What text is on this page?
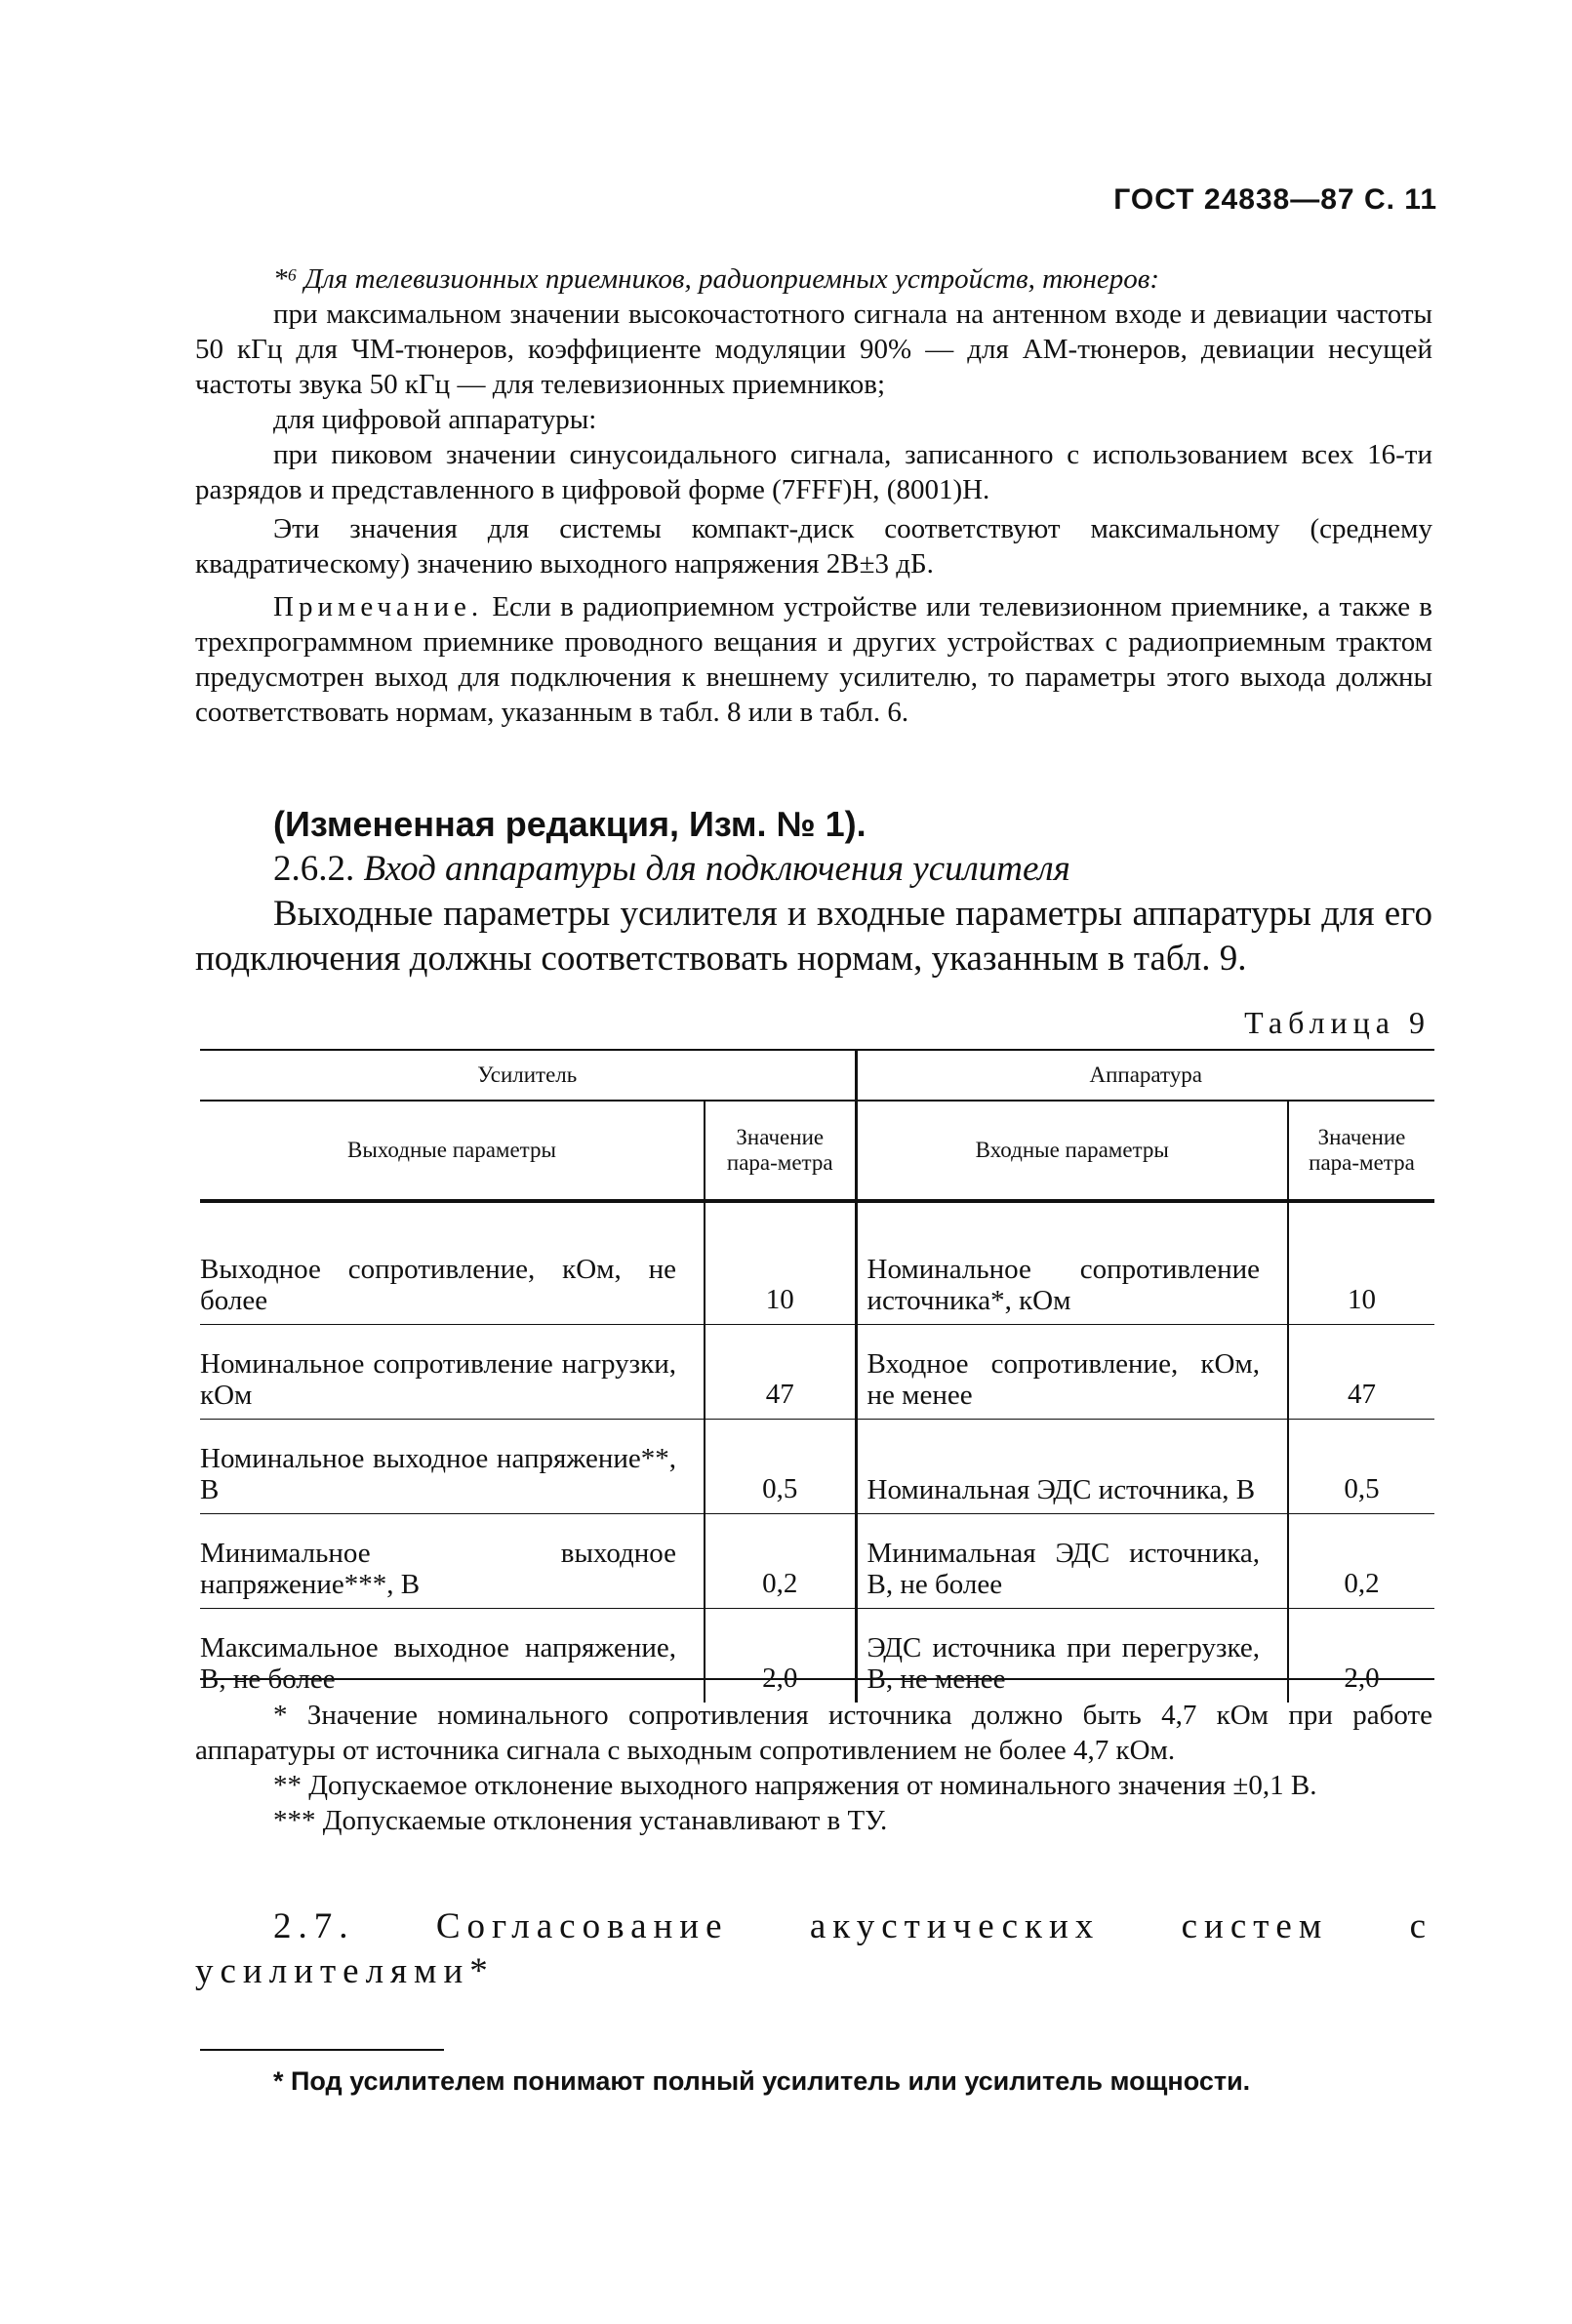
ГОСТ 24838—87 С. 11

*⁶ Для телевизионных приемников, радиоприемных устройств, тюнеров:

при максимальном значении высокочастотного сигнала на антенном входе и девиации частоты 50 кГц для ЧМ-тюнеров, коэффициенте модуляции 90% — для АМ-тюнеров, девиации несущей частоты звука 50 кГц — для телевизионных приемников;

для цифровой аппаратуры:

при пиковом значении синусоидального сигнала, записанного с использованием всех 16-ти разрядов и представленного в цифровой форме (7FFF)H, (8001)H.

Эти значения для системы компакт-диск соответствуют максимальному (среднему квадратическому) значению выходного напряжения 2B±3 дБ.

Примечание. Если в радиоприемном устройстве или телевизионном приемнике, а также в трехпрограммном приемнике проводного вещания и других устройствах с радиоприемным трактом предусмотрен выход для подключения к внешнему усилителю, то параметры этого выхода должны соответствовать нормам, указанным в табл. 8 или в табл. 6.

(Измененная редакция, Изм. № 1).

2.6.2. Вход аппаратуры для подключения усилителя

Выходные параметры усилителя и входные параметры аппаратуры для его подключения должны соответствовать нормам, указанным в табл. 9.

Таблица 9
Усилитель		Аппаратура	
Выходные параметры	Значение пара-метра	Входные параметры	Значение пара-метра

Выходное сопротивление, кОм, не более	10	Номинальное сопротивление источника*, кОм	10
Номинальное сопротивление нагрузки, кОм	47	Входное сопротивление, кОм, не менее	47
Номинальное выходное напряжение**, В	0,5	Номинальная ЭДС источника, В	0,5
Минимальное выходное напряжение***, В	0,2	Минимальная ЭДС источника, В, не более	0,2
Максимальное выходное напряжение, В, не более	2,0	ЭДС источника при перегрузке, В, не менее	2,0

* Значение номинального сопротивления источника должно быть 4,7 кОм при работе аппаратуры от источника сигнала с выходным сопротивлением не более 4,7 кОм.

** Допускаемое отклонение выходного напряжения от номинального значения ±0,1 В.

*** Допускаемые отклонения устанавливают в ТУ.

2.7. Согласование акустических систем с усилителями*

* Под усилителем понимают полный усилитель или усилитель мощности.
